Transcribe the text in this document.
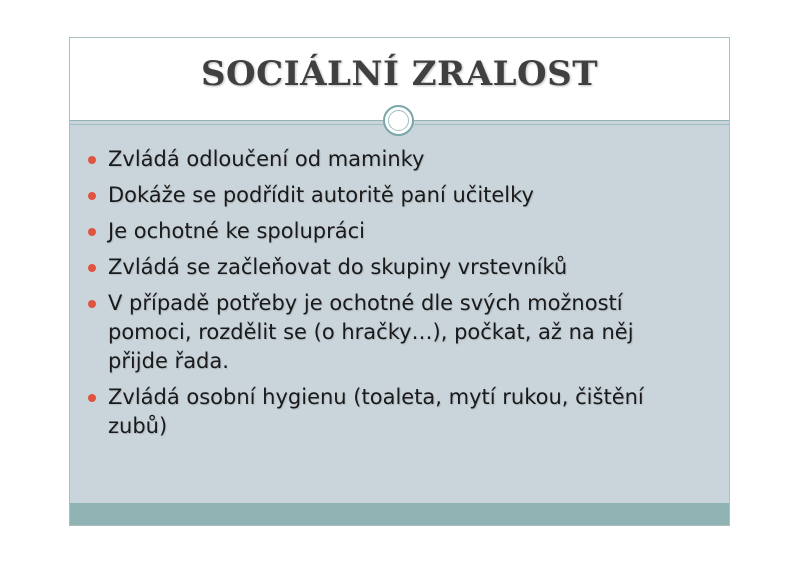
SOCIÁLNÍ ZRALOST
Zvládá odloučení od maminky
Dokáže se podřídit autoritě paní učitelky
Je ochotné ke spolupráci
Zvládá se začleňovat do skupiny vrstevníků
V případě potřeby je ochotné dle svých možností pomoci, rozdělit se (o hračky…), počkat, až na něj přijde řada.
Zvládá osobní hygienu (toaleta, mytí rukou, čištění zubů)
